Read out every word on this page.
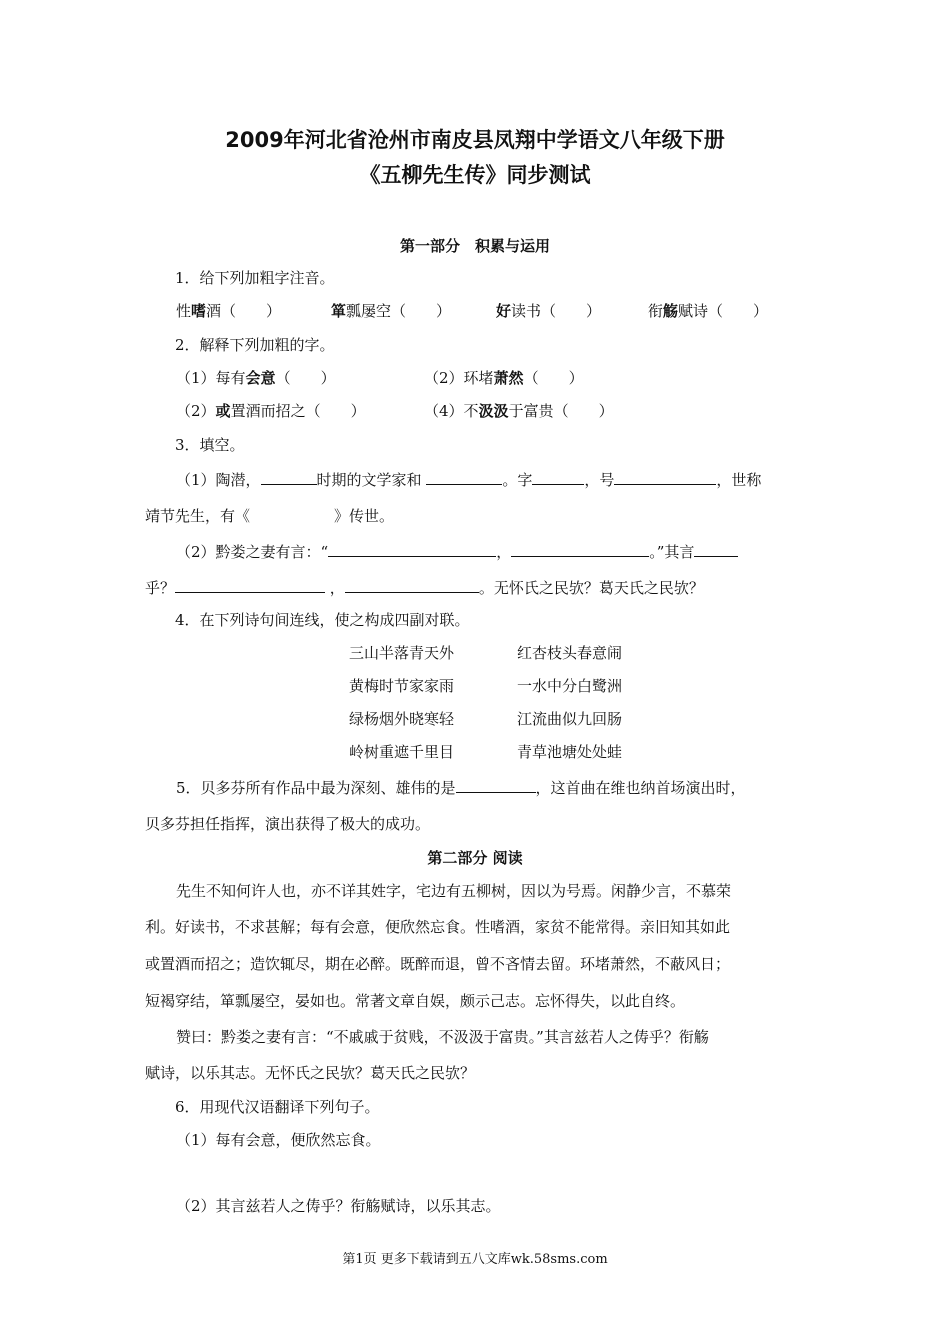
2009年河北省沧州市南皮县凤翔中学语文八年级下册
《五柳先生传》同步测试
第一部分　积累与运用
1．给下列加粗字注音。
性嗜酒（　　）	箪瓢屡空（　　）	好读书（　　）	衔觞赋诗（　　）
2．解释下列加粗的字。
（1）每有会意（　　）	（2）环堵萧然（　　）
（2）或置酒而招之（　　）	（4）不汲汲于富贵（　　）
3．填空。
（1）陶潜，	时期的文学家和	。字	，号	，世称
靖节先生，有《	》传世。
（2）黔娄之妻有言：“	，	。”其言
乎？	，	。无怀氏之民欤？葛天氏之民欤？
4．在下列诗句间连线，使之构成四副对联。
三山半落青天外	红杏枝头春意闹
黄梅时节家家雨	一水中分白鹭洲
绿杨烟外晓寒轻	江流曲似九回肠
岭树重遮千里目	青草池塘处处蛙
5．贝多芬所有作品中最为深刻、雄伟的是	，这首曲在维也纳首场演出时，
贝多芬担任指挥，演出获得了极大的成功。
第二部分 阅读
先生不知何许人也，亦不详其姓字，宅边有五柳树，因以为号焉。闲静少言，不慕荣
利。好读书，不求甚解；每有会意，便欣然忘食。性嗜酒，家贫不能常得。亲旧知其如此
或置酒而招之；造饮辄尽，期在必醉。既醉而退，曾不吝情去留。环堵萧然，不蔽风日；
短褐穿结，箪瓢屡空，晏如也。常著文章自娱，颇示己志。忘怀得失，以此自终。
赞曰：黔娄之妻有言：“不戚戚于贫贱，不汲汲于富贵。”其言兹若人之俦乎？衔觞
赋诗，以乐其志。无怀氏之民欤？葛天氏之民欤？
6．用现代汉语翻译下列句子。
（1）每有会意，便欣然忘食。
（2）其言兹若人之俦乎？衔觞赋诗，以乐其志。
第1页 更多下载请到五八文库wk.58sms.com
